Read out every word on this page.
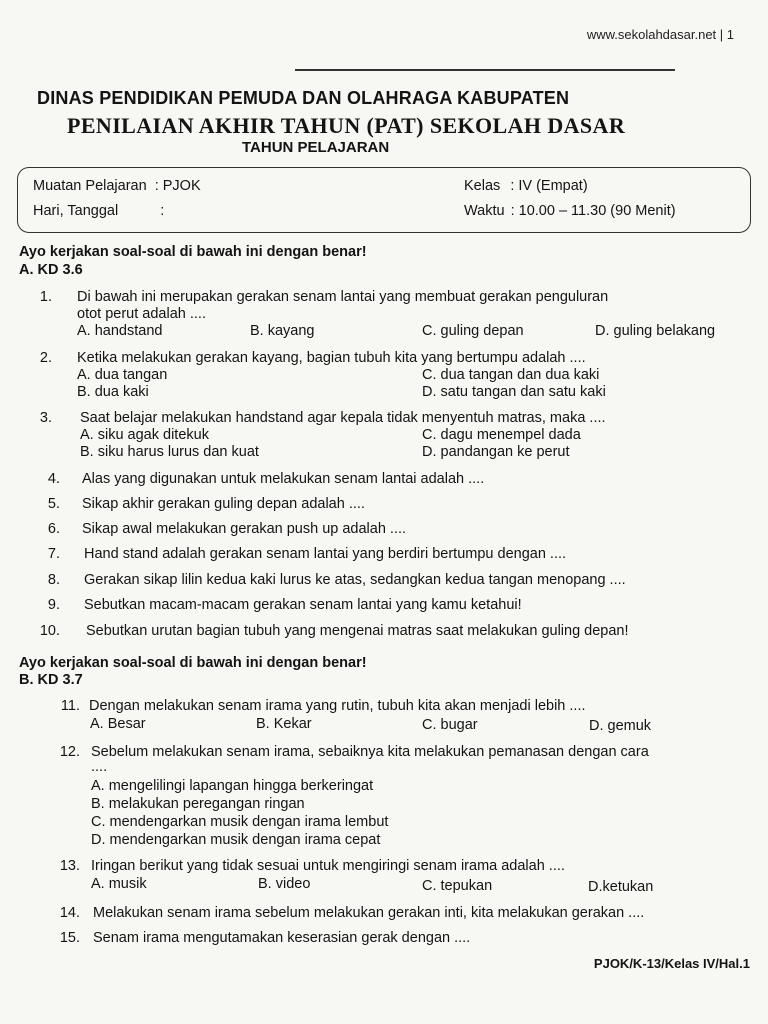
www.sekolahdasar.net | 1
DINAS PENDIDIKAN PEMUDA DAN OLAHRAGA KABUPATEN
PENILAIAN AKHIR TAHUN (PAT) SEKOLAH DASAR
TAHUN PELAJARAN
Muatan Pelajaran : PJOK
Hari, Tanggal	:
Kelas : IV (Empat)
Waktu : 10.00 – 11.30 (90 Menit)
Ayo kerjakan soal-soal di bawah ini dengan benar!
A. KD 3.6
1. Di bawah ini merupakan gerakan senam lantai yang membuat gerakan penguluran
otot perut adalah ....
A. handstand	B. kayang	C. guling depan	D. guling belakang
2. Ketika melakukan gerakan kayang, bagian tubuh kita yang bertumpu adalah ....
A. dua tangan
B. dua kaki
C. dua tangan dan dua kaki
D. satu tangan dan satu kaki
3. Saat belajar melakukan handstand agar kepala tidak menyentuh matras, maka ....
A. siku agak ditekuk
B. siku harus lurus dan kuat
C. dagu menempel dada
D. pandangan ke perut
4. Alas yang digunakan untuk melakukan senam lantai adalah ....
5. Sikap akhir gerakan guling depan adalah ....
6. Sikap awal melakukan gerakan push up adalah ....
7. Hand stand adalah gerakan senam lantai yang berdiri bertumpu dengan ....
8. Gerakan sikap lilin kedua kaki lurus ke atas, sedangkan kedua tangan menopang ....
9. Sebutkan macam-macam gerakan senam lantai yang kamu ketahui!
10. Sebutkan urutan bagian tubuh yang mengenai matras saat melakukan guling depan!
Ayo kerjakan soal-soal di bawah ini dengan benar!
B. KD 3.7
11. Dengan melakukan senam irama yang rutin, tubuh kita akan menjadi lebih ....
A. Besar	B. Kekar	C. bugar	D. gemuk
12. Sebelum melakukan senam irama, sebaiknya kita melakukan pemanasan dengan cara
....
A. mengelilingi lapangan hingga berkeringat
B. melakukan peregangan ringan
C. mendengarkan musik dengan irama lembut
D. mendengarkan musik dengan irama cepat
13. Iringan berikut yang tidak sesuai untuk mengiringi senam irama adalah ....
A. musik	B. video	C. tepukan	D.ketukan
14. Melakukan senam irama sebelum melakukan gerakan inti, kita melakukan gerakan ....
15. Senam irama mengutamakan keserasian gerak dengan ....
PJOK/K-13/Kelas IV/Hal.1
